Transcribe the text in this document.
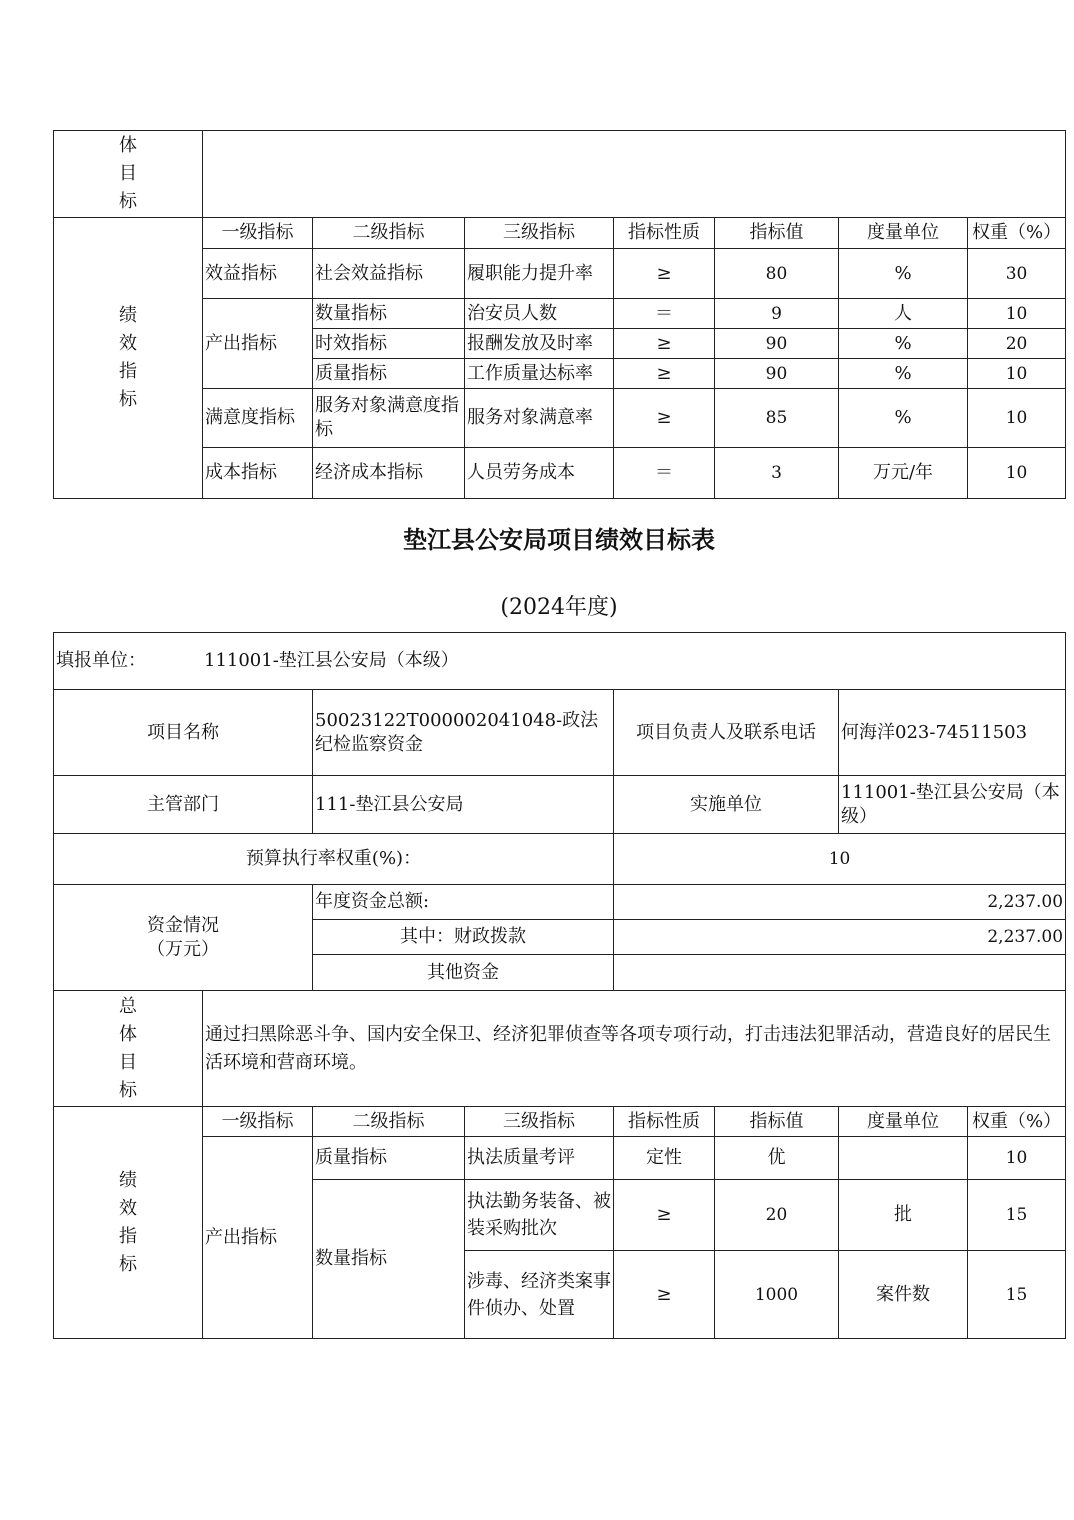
体
目
标							
绩
效
指
标	一级指标	二级指标	三级指标	指标性质	指标值	度量单位	权重（%）
	效益指标	社会效益指标	履职能力提升率	≥	80	%	30
	产出指标	数量指标	治安员人数	＝	9	人	10
		时效指标	报酬发放及时率	≥	90	%	20
		质量指标	工作质量达标率	≥	90	%	10
	满意度指标	服务对象满意度指标	服务对象满意率	≥	85	%	10
	成本指标	经济成本指标	人员劳务成本	＝	3	万元/年	10
垫江县公安局项目绩效目标表
(2024年度)
填报单位： 111001-垫江县公安局（本级）							
项目名称		50023122T000002041048-政法纪检监察资金		项目负责人及联系电话		何海洋023-74511503	
主管部门		111-垫江县公安局		实施单位		111001-垫江县公安局（本级）	
预算执行率权重(%)：				10			
资金情况
（万元）		年度资金总额:		2,237.00			
		其中：财政拨款		2,237.00			
		其他资金					
总
体
目
标	通过扫黑除恶斗争、国内安全保卫、经济犯罪侦查等各项专项行动，打击违法犯罪活动，营造良好的居民生活环境和营商环境。						
绩
效
指
标	一级指标	二级指标	三级指标	指标性质	指标值	度量单位	权重（%）
	产出指标	质量指标	执法质量考评	定性	优		10
		数量指标	执法勤务装备、被装采购批次	≥	20	批	15
			涉毒、经济类案事件侦办、处置	≥	1000	案件数	15
